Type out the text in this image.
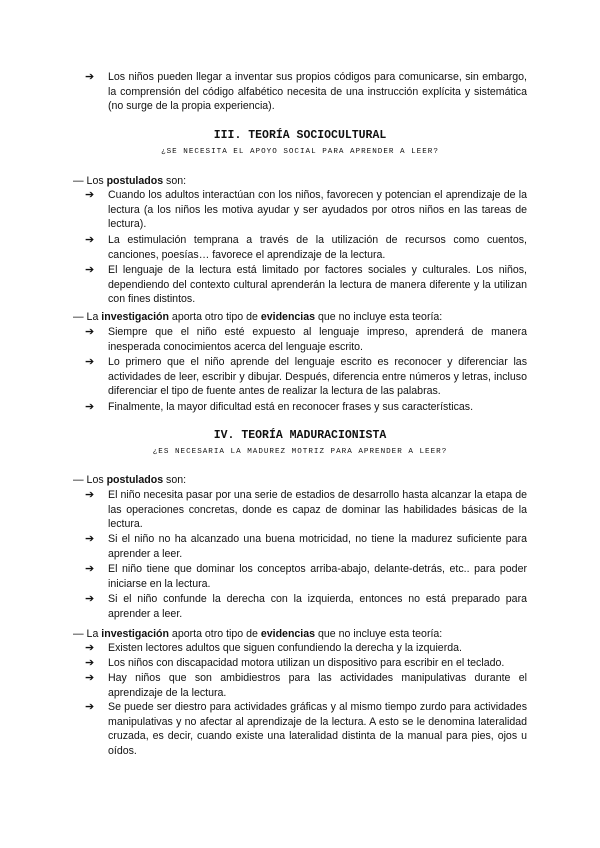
➔ Los niños pueden llegar a inventar sus propios códigos para comunicarse, sin embargo, la comprensión del código alfabético necesita de una instrucción explícita y sistemática (no surge de la propia experiencia).
III. TEORÍA SOCIOCULTURAL
¿SE NECESITA EL APOYO SOCIAL PARA APRENDER A LEER?
— Los postulados son:
➔ Cuando los adultos interactúan con los niños, favorecen y potencian el aprendizaje de la lectura (a los niños les motiva ayudar y ser ayudados por otros niños en las tareas de lectura).
➔ La estimulación temprana a través de la utilización de recursos como cuentos, canciones, poesías… favorece el aprendizaje de la lectura.
➔ El lenguaje de la lectura está limitado por factores sociales y culturales. Los niños, dependiendo del contexto cultural aprenderán la lectura de manera diferente y la utilizan con fines distintos.
— La investigación aporta otro tipo de evidencias que no incluye esta teoría:
➔ Siempre que el niño esté expuesto al lenguaje impreso, aprenderá de manera inesperada conocimientos acerca del lenguaje escrito.
➔ Lo primero que el niño aprende del lenguaje escrito es reconocer y diferenciar las actividades de leer, escribir y dibujar. Después, diferencia entre números y letras, incluso diferenciar el tipo de fuente antes de realizar la lectura de las palabras.
➔ Finalmente, la mayor dificultad está en reconocer frases y sus características.
IV. TEORÍA MADURACIONISTA
¿ES NECESARIA LA MADUREZ MOTRIZ PARA APRENDER A LEER?
— Los postulados son:
➔ El niño necesita pasar por una serie de estadios de desarrollo hasta alcanzar la etapa de las operaciones concretas, donde es capaz de dominar las habilidades básicas de la lectura.
➔ Si el niño no ha alcanzado una buena motricidad, no tiene la madurez suficiente para aprender a leer.
➔ El niño tiene que dominar los conceptos arriba-abajo, delante-detrás, etc.. para poder iniciarse en la lectura.
➔ Si el niño confunde la derecha con la izquierda, entonces no está preparado para aprender a leer.
— La investigación aporta otro tipo de evidencias que no incluye esta teoría:
➔ Existen lectores adultos que siguen confundiendo la derecha y la izquierda.
➔ Los niños con discapacidad motora utilizan un dispositivo para escribir en el teclado.
➔ Hay niños que son ambidiestros para las actividades manipulativas durante el aprendizaje de la lectura.
➔ Se puede ser diestro para actividades gráficas y al mismo tiempo zurdo para actividades manipulativas y no afectar al aprendizaje de la lectura. A esto se le denomina lateralidad cruzada, es decir, cuando existe una lateralidad distinta de la manual para pies, ojos u oídos.
